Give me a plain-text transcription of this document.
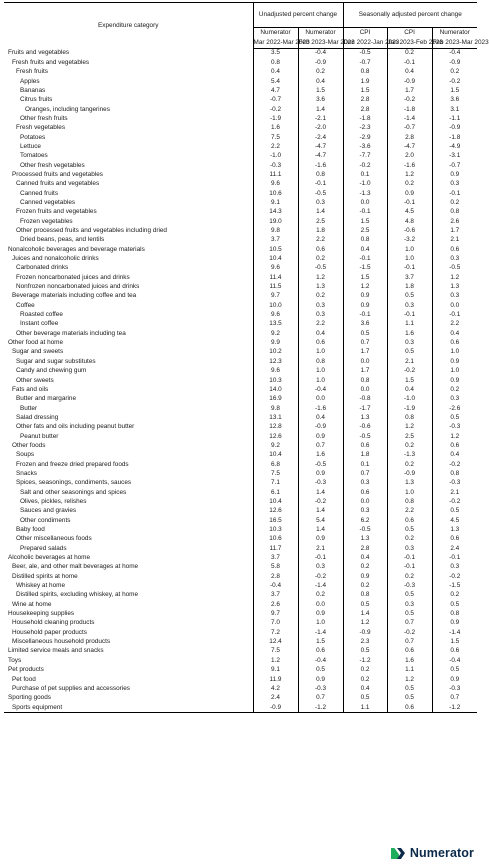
Expenditure category	Unadjusted percent change		Seasonally adjusted percent change		
	Numerator	Numerator	CPI	CPI	Numerator
	Mar 2022-Mar 2023	Feb 2023-Mar 2023	Dec 2022-Jan 2023	Jan 2023-Feb 2023	Feb 2023-Mar 2023
Fruits and vegetables	3.5	-0.4	-0.5	0.2	-0.4
Fresh fruits and vegetables	0.8	-0.9	-0.7	-0.1	-0.9
Fresh fruits	0.4	0.2	0.8	0.4	0.2
Apples	5.4	0.4	1.9	-0.9	-0.2
Bananas	4.7	1.5	1.5	1.7	1.5
Citrus fruits	-0.7	3.6	2.8	-0.2	3.6
Oranges, including tangerines	-0.2	1.4	2.8	-1.8	3.1
Other fresh fruits	-1.9	-2.1	-1.8	-1.4	-1.1
Fresh vegetables	1.6	-2.0	-2.3	-0.7	-0.9
Potatoes	7.5	-2.4	-2.9	2.8	-1.8
Lettuce	2.2	-4.7	-3.6	-4.7	-4.9
Tomatoes	-1.0	-4.7	-7.7	2.0	-3.1
Other fresh vegetables	-0.3	-1.6	-0.2	-1.6	-0.7
Processed fruits and vegetables	11.1	0.8	0.1	1.2	0.9
Canned fruits and vegetables	9.6	-0.1	-1.0	0.2	0.3
Canned fruits	10.6	-0.5	-1.3	0.9	-0.1
Canned vegetables	9.1	0.3	0.0	-0.1	0.2
Frozen fruits and vegetables	14.3	1.4	-0.1	4.5	0.8
Frozen vegetables	19.0	2.5	1.5	4.8	2.6
Other processed fruits and vegetables including dried	9.8	1.8	2.5	-0.6	1.7
Dried beans, peas, and lentils	3.7	2.2	0.8	-3.2	2.1
Nonalcoholic beverages and beverage materials	10.5	0.6	0.4	1.0	0.6
Juices and nonalcoholic drinks	10.4	0.2	-0.1	1.0	0.3
Carbonated drinks	9.6	-0.5	-1.5	-0.1	-0.5
Frozen noncarbonated juices and drinks	11.4	1.2	1.5	3.7	1.2
Nonfrozen noncarbonated juices and drinks	11.5	1.3	1.2	1.8	1.3
Beverage materials including coffee and tea	9.7	0.2	0.9	0.5	0.3
Coffee	10.0	0.3	0.9	0.3	0.0
Roasted coffee	9.6	0.3	-0.1	-0.1	-0.1
Instant coffee	13.5	2.2	3.6	1.1	2.2
Other beverage materials including tea	9.2	0.4	0.5	1.6	0.4
Other food at home	9.9	0.6	0.7	0.3	0.6
Sugar and sweets	10.2	1.0	1.7	0.5	1.0
Sugar and sugar substitutes	12.3	0.8	0.0	2.1	0.9
Candy and chewing gum	9.6	1.0	1.7	-0.2	1.0
Other sweets	10.3	1.0	0.8	1.5	0.9
Fats and oils	14.0	-0.4	0.0	0.4	0.2
Butter and margarine	16.9	0.0	-0.8	-1.0	0.3
Butter	9.8	-1.6	-1.7	-1.9	-2.6
Salad dressing	13.1	0.4	1.3	0.8	0.5
Other fats and oils including peanut butter	12.8	-0.9	-0.6	1.2	-0.3
Peanut butter	12.6	0.9	-0.5	2.5	1.2
Other foods	9.2	0.7	0.6	0.2	0.6
Soups	10.4	1.6	1.8	-1.3	0.4
Frozen and freeze dried prepared foods	6.8	-0.5	0.1	0.2	-0.2
Snacks	7.5	0.9	0.7	-0.9	0.8
Spices, seasonings, condiments, sauces	7.1	-0.3	0.3	1.3	-0.3
Salt and other seasonings and spices	6.1	1.4	0.6	1.0	2.1
Olives, pickles, relishes	10.4	-0.2	0.0	0.8	-0.2
Sauces and gravies	12.6	1.4	0.3	2.2	0.5
Other condiments	16.5	5.4	6.2	0.6	4.5
Baby food	10.3	1.4	-0.5	0.5	1.3
Other miscellaneous foods	10.6	0.9	1.3	0.2	0.6
Prepared salads	11.7	2.1	2.8	0.3	2.4
Alcoholic beverages at home	3.7	-0.1	0.4	-0.1	-0.1
Beer, ale, and other malt beverages at home	5.8	0.3	0.2	-0.1	0.3
Distilled spirits at home	2.8	-0.2	0.9	0.2	-0.2
Whiskey at home	-0.4	-1.4	0.2	-0.3	-1.5
Distilled spirits, excluding whiskey, at home	3.7	0.2	0.8	0.5	0.2
Wine at home	2.6	0.0	0.5	0.3	0.5
Housekeeping supplies	9.7	0.9	1.4	0.5	0.8
Household cleaning products	7.0	1.0	1.2	0.7	0.9
Household paper products	7.2	-1.4	-0.9	-0.2	-1.4
Miscellaneous household products	12.4	1.5	2.3	0.7	1.5
Limited service meals and snacks	7.5	0.6	0.5	0.6	0.6
Toys	1.2	-0.4	-1.2	1.6	-0.4
Pet products	9.1	0.5	0.2	1.1	0.5
Pet food	11.9	0.9	0.2	1.2	0.9
Purchase of pet supplies and accessories	4.2	-0.3	0.4	0.5	-0.3
Sporting goods	2.4	0.7	0.5	0.5	0.7
Sports equipment	-0.9	-1.2	1.1	0.6	-1.2
Numerator
